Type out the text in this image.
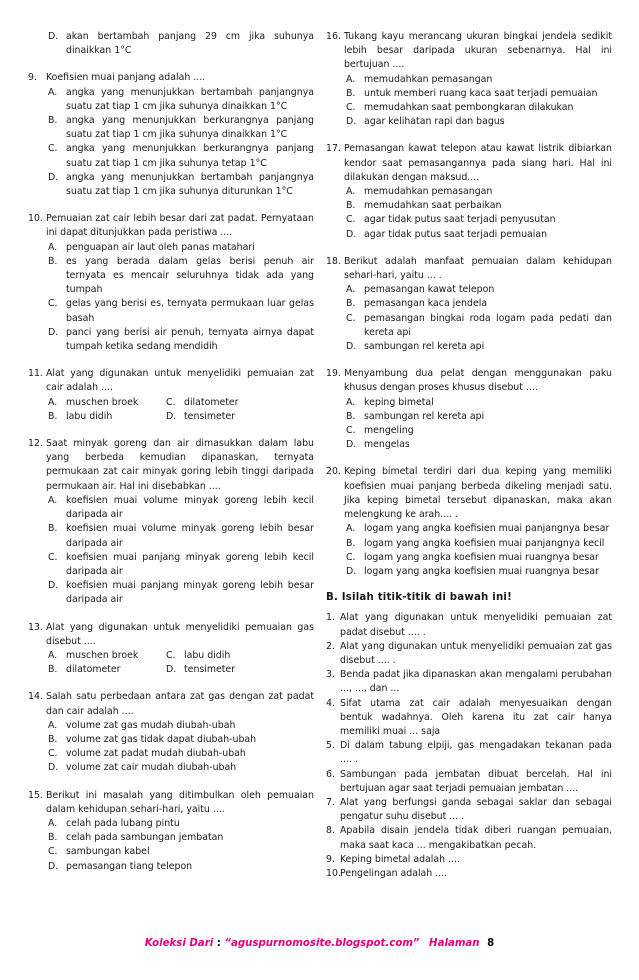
D. akan bertambah panjang 29 cm jika suhunya dinaikkan 1°C
9. Koefisien muai panjang adalah ....
A. angka yang menunjukkan bertambah panjangnya suatu zat tiap 1 cm jika suhunya dinaikkan 1°C
B. angka yang menunjukkan berkurangnya panjang suatu zat tiap 1 cm jika suhunya dinaikkan 1°C
C. angka yang menunjukkan berkurangnya panjang suatu zat tiap 1 cm jika suhunya tetap 1°C
D. angka yang menunjukkan bertambah panjangnya suatu zat tiap 1 cm jika suhunya diturunkan 1°C
10. Pemuaian zat cair lebih besar dari zat padat. Pernyataan ini dapat ditunjukkan pada peristiwa ....
A. penguapan air laut oleh panas matahari
B. es yang berada dalam gelas berisi penuh air ternyata es mencair seluruhnya tidak ada yang tumpah
C. gelas yang berisi es, ternyata permukaan luar gelas basah
D. panci yang berisi air penuh, ternyata airnya dapat tumpah ketika sedang mendidih
11. Alat yang digunakan untuk menyelidiki pemuaian zat cair adalah ....
A. muschen broek	C. dilatometer
B. labu didih	D. tensimeter
12. Saat minyak goreng dan air dimasukkan dalam labu yang berbeda kemudian dipanaskan, ternyata permukaan zat cair minyak goring lebih tinggi daripada permukaan air. Hal ini disebabkan ....
A. koefisien muai volume minyak goreng lebih kecil daripada air
B. koefisien muai volume minyak goreng lebih besar daripada air
C. koefisien muai panjang minyak goreng lebih kecil daripada air
D. koefisien muai panjang minyak goreng lebih besar daripada air
13. Alat yang digunakan untuk menyelidiki pemuaian gas disebut ....
A. muschen broek	C. labu didih
B. dilatometer	D. tensimeter
14. Salah satu perbedaan antara zat gas dengan zat padat dan cair adalah ....
A. volume zat gas mudah diubah-ubah
B. volume zat gas tidak dapat diubah-ubah
C. volume zat padat mudah diubah-ubah
D. volume zat cair mudah diubah-ubah
15. Berikut ini masalah yang ditimbulkan oleh pemuaian dalam kehidupan sehari-hari, yaitu ....
A. celah pada lubang pintu
B. celah pada sambungan jembatan
C. sambungan kabel
D. pemasangan tiang telepon
16. Tukang kayu merancang ukuran bingkai jendela sedikit lebih besar daripada ukuran sebenarnya. Hal ini bertujuan ....
A. memudahkan pemasangan
B. untuk memberi ruang kaca saat terjadi pemuaian
C. memudahkan saat pembongkaran dilakukan
D. agar kelihatan rapi dan bagus
17. Pemasangan kawat telepon atau kawat listrik dibiarkan kendor saat pemasangannya pada siang hari. Hal ini dilakukan dengan maksud....
A. memudahkan pemasangan
B. memudahkan saat perbaikan
C. agar tidak putus saat terjadi penyusutan
D. agar tidak putus saat terjadi pemuaian
18. Berikut adalah manfaat pemuaian dalam kehidupan sehari-hari, yaitu ... .
A. pemasangan kawat telepon
B. pemasangan kaca jendela
C. pemasangan bingkai roda logam pada pedati dan kereta api
D. sambungan rel kereta api
19. Menyambung dua pelat dengan menggunakan paku khusus dengan proses khusus disebut ....
A. keping bimetal
B. sambungan rel kereta api
C. mengeling
D. mengelas
20. Keping bimetal terdiri dari dua keping yang memiliki koefisien muai panjang berbeda dikeling menjadi satu. Jika keping bimetal tersebut dipanaskan, maka akan melengkung ke arah.... .
A. logam yang angka koefisien muai panjangnya besar
B. logam yang angka koefisien muai panjangnya kecil
C. logam yang angka koefisien muai ruangnya besar
D. logam yang angka koefisien muai ruangnya besar
B. Isilah titik-titik di bawah ini!
1. Alat yang digunakan untuk menyelidiki pemuaian zat padat disebut .... .
2. Alat yang digunakan untuk menyelidiki pemuaian zat gas disebut .... .
3. Benda padat jika dipanaskan akan mengalami perubahan ..., ..., dan ...
4. Sifat utama zat cair adalah menyesuaikan dengan bentuk wadahnya. Oleh karena itu zat cair hanya memiliki muai ... saja
5. Di dalam tabung elpiji, gas mengadakan tekanan pada .... .
6. Sambungan pada jembatan dibuat bercelah. Hal ini bertujuan agar saat terjadi pemuaian jembatan ....
7. Alat yang berfungsi ganda sebagai saklar dan sebagai pengatur suhu disebut ... .
8. Apabila disain jendela tidak diberi ruangan pemuaian, maka saat kaca ... mengakibatkan pecah.
9. Keping bimetal adalah ....
10. Pengelingan adalah ....
Koleksi Dari : “aguspurnomosite.blogspot.com” Halaman 8
